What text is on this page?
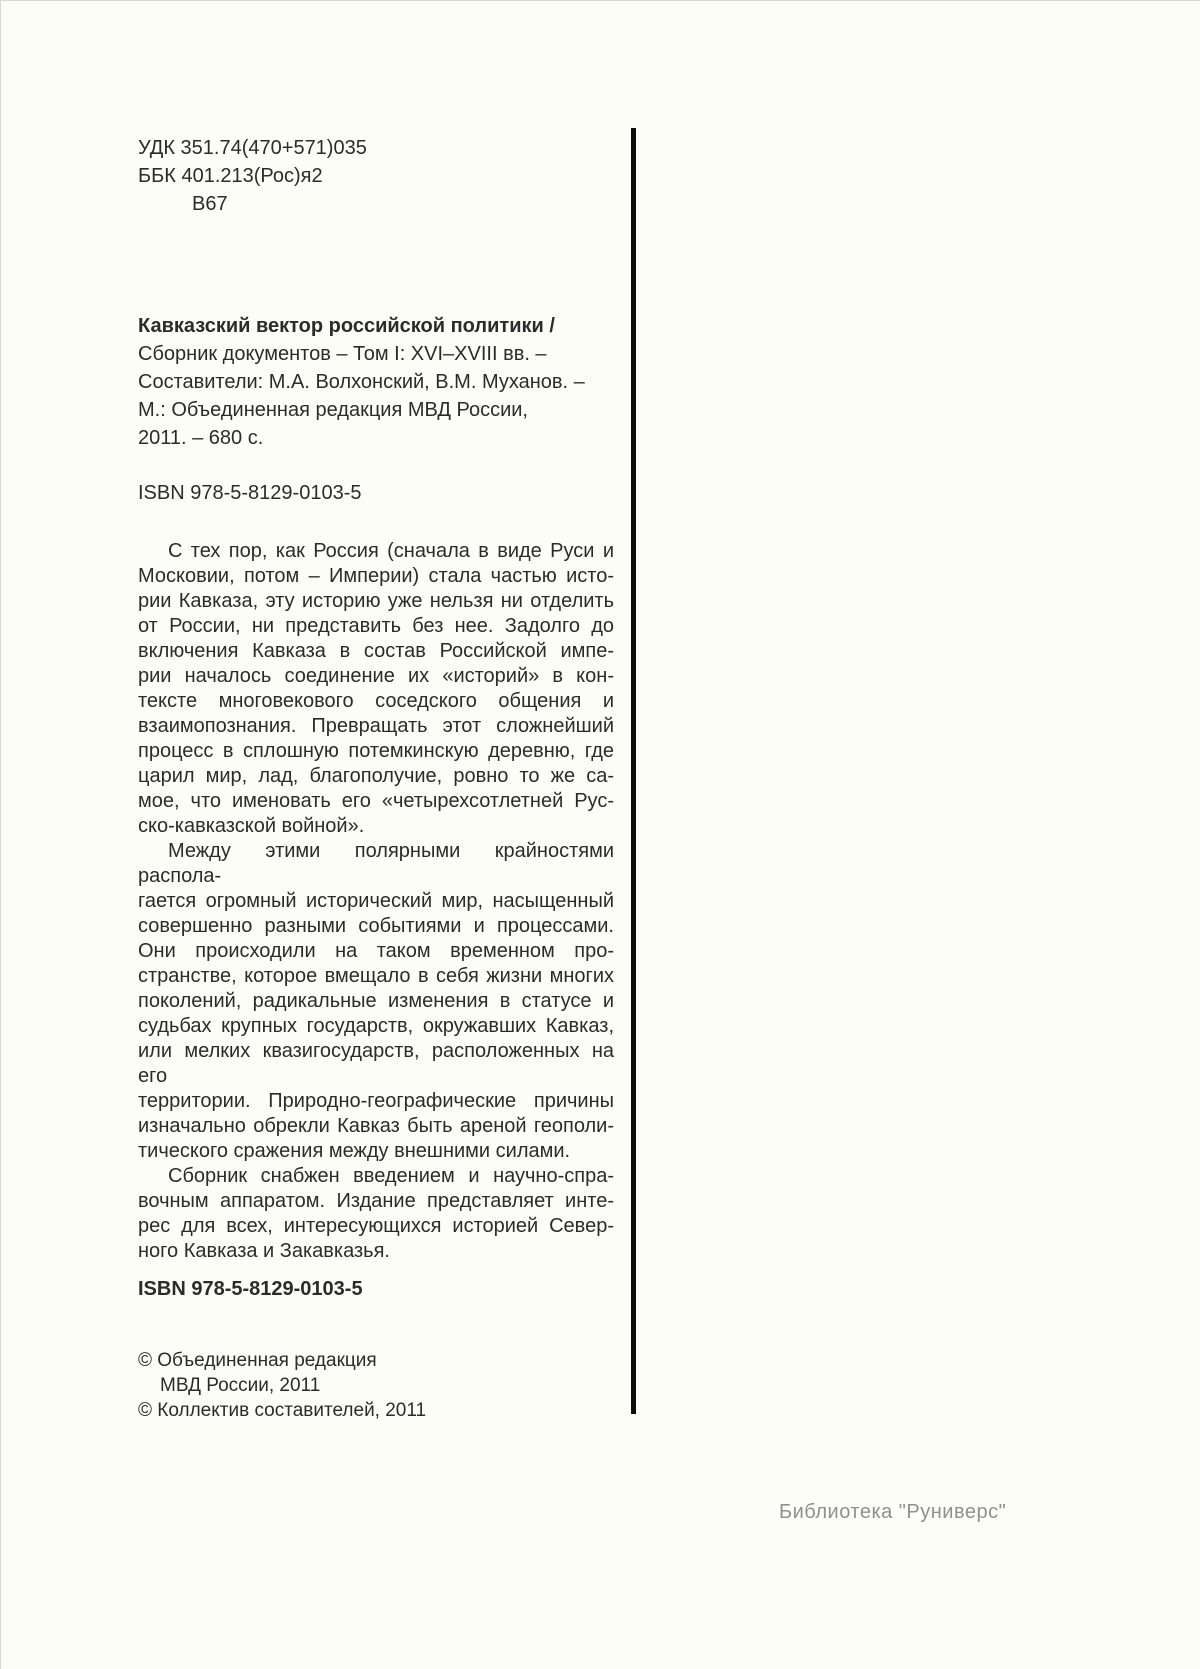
УДК 351.74(470+571)035
ББК 401.213(Рос)я2
В67
Кавказский вектор российской политики /
Сборник документов – Том I: XVI–XVIII вв. –
Составители: М.А. Волхонский, В.М. Муханов. –
М.: Объединенная редакция МВД России,
2011. – 680 с.
ISBN 978-5-8129-0103-5
С тех пор, как Россия (сначала в виде Руси и
Московии, потом – Империи) стала частью исто-
рии Кавказа, эту историю уже нельзя ни отделить
от России, ни представить без нее. Задолго до
включения Кавказа в состав Российской импе-
рии началось соединение их «историй» в кон-
тексте многовекового соседского общения и
взаимопознания. Превращать этот сложнейший
процесс в сплошную потемкинскую деревню, где
царил мир, лад, благополучие, ровно то же са-
мое, что именовать его «четырехсотлетней Рус-
ско-кавказской войной».
Между этими полярными крайностями распола-
гается огромный исторический мир, насыщенный
совершенно разными событиями и процессами.
Они происходили на таком временном про-
странстве, которое вмещало в себя жизни многих
поколений, радикальные изменения в статусе и
судьбах крупных государств, окружавших Кавказ,
или мелких квазигосударств, расположенных на его
территории. Природно-географические причины
изначально обрекли Кавказ быть ареной геополи-
тического сражения между внешними силами.
Сборник снабжен введением и научно-спра-
вочным аппаратом. Издание представляет инте-
рес для всех, интересующихся историей Север-
ного Кавказа и Закавказья.
ISBN 978-5-8129-0103-5
© Объединенная редакция
МВД России, 2011
© Коллектив составителей, 2011
Библиотека "Руниверс"
